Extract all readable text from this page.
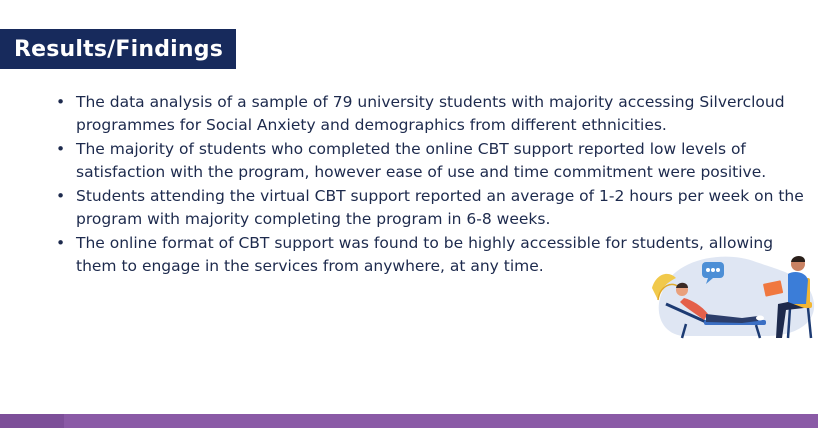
Results/Findings
• The data analysis of a sample of 79 university students with majority accessing Silvercloud programmes for Social Anxiety and demographics from different ethnicities.
• The majority of students who completed the online CBT support reported low levels of satisfaction with the program, however ease of use and time commitment were positive.
• Students attending the virtual CBT support reported an average of 1-2 hours per week on the program with majority completing the program in 6-8 weeks.
• The online format of CBT support was found to be highly accessible for students, allowing them to engage in the services from anywhere, at any time.
